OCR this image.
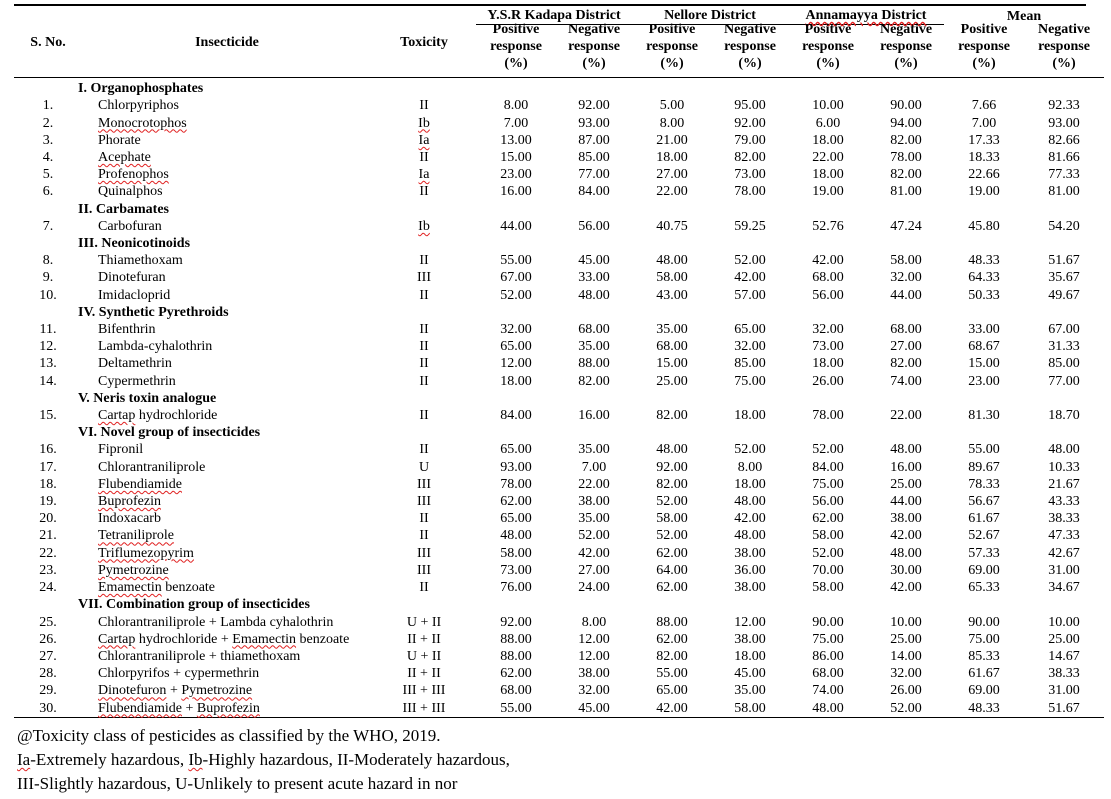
S. No.	Insecticide	Toxicity	Y.S.R Kadapa District	Nellore District	Annamayya District	Mean

Positive
response
(%)	Negative
response
(%)	Positive
response
(%)	Negative
response
(%)	Positive
response
(%)	Negative
response
(%)	Positive
response
(%)	Negative
response
(%)

	I. Organophosphates
1.	Chlorpyriphos	II	8.00	92.00	5.00	95.00	10.00	90.00	7.66	92.33
2.	Monocrotophos	Ib	7.00	93.00	8.00	92.00	6.00	94.00	7.00	93.00
3.	Phorate	Ia	13.00	87.00	21.00	79.00	18.00	82.00	17.33	82.66
4.	Acephate	II	15.00	85.00	18.00	82.00	22.00	78.00	18.33	81.66
5.	Profenophos	Ia	23.00	77.00	27.00	73.00	18.00	82.00	22.66	77.33
6.	Quinalphos	II	16.00	84.00	22.00	78.00	19.00	81.00	19.00	81.00
	II. Carbamates
7.	Carbofuran	Ib	44.00	56.00	40.75	59.25	52.76	47.24	45.80	54.20
	III. Neonicotinoids
8.	Thiamethoxam	II	55.00	45.00	48.00	52.00	42.00	58.00	48.33	51.67
9.	Dinotefuran	III	67.00	33.00	58.00	42.00	68.00	32.00	64.33	35.67
10.	Imidacloprid	II	52.00	48.00	43.00	57.00	56.00	44.00	50.33	49.67
	IV. Synthetic Pyrethroids
11.	Bifenthrin	II	32.00	68.00	35.00	65.00	32.00	68.00	33.00	67.00
12.	Lambda-cyhalothrin	II	65.00	35.00	68.00	32.00	73.00	27.00	68.67	31.33
13.	Deltamethrin	II	12.00	88.00	15.00	85.00	18.00	82.00	15.00	85.00
14.	Cypermethrin	II	18.00	82.00	25.00	75.00	26.00	74.00	23.00	77.00
	V. Neris toxin analogue
15.	Cartap hydrochloride	II	84.00	16.00	82.00	18.00	78.00	22.00	81.30	18.70
	VI. Novel group of insecticides
16.	Fipronil	II	65.00	35.00	48.00	52.00	52.00	48.00	55.00	48.00
17.	Chlorantraniliprole	U	93.00	7.00	92.00	8.00	84.00	16.00	89.67	10.33
18.	Flubendiamide	III	78.00	22.00	82.00	18.00	75.00	25.00	78.33	21.67
19.	Buprofezin	III	62.00	38.00	52.00	48.00	56.00	44.00	56.67	43.33
20.	Indoxacarb	II	65.00	35.00	58.00	42.00	62.00	38.00	61.67	38.33
21.	Tetraniliprole	II	48.00	52.00	52.00	48.00	58.00	42.00	52.67	47.33
22.	Triflumezopyrim	III	58.00	42.00	62.00	38.00	52.00	48.00	57.33	42.67
23.	Pymetrozine	III	73.00	27.00	64.00	36.00	70.00	30.00	69.00	31.00
24.	Emamectin benzoate	II	76.00	24.00	62.00	38.00	58.00	42.00	65.33	34.67
	VII. Combination group of insecticides
25.	Chlorantraniliprole + Lambda cyhalothrin	U + II	92.00	8.00	88.00	12.00	90.00	10.00	90.00	10.00
26.	Cartap hydrochloride + Emamectin benzoate	II + II	88.00	12.00	62.00	38.00	75.00	25.00	75.00	25.00
27.	Chlorantraniliprole + thiamethoxam	U + II	88.00	12.00	82.00	18.00	86.00	14.00	85.33	14.67
28.	Chlorpyrifos + cypermethrin	II + II	62.00	38.00	55.00	45.00	68.00	32.00	61.67	38.33
29.	Dinotefuron + Pymetrozine	III + III	68.00	32.00	65.00	35.00	74.00	26.00	69.00	31.00
30.	Flubendiamide + Buprofezin	III + III	55.00	45.00	42.00	58.00	48.00	52.00	48.33	51.67
@Toxicity class of pesticides as classified by the WHO, 2019.
Ia-Extremely hazardous, Ib-Highly hazardous, II-Moderately hazardous,
III-Slightly hazardous, U-Unlikely to present acute hazard in nor
